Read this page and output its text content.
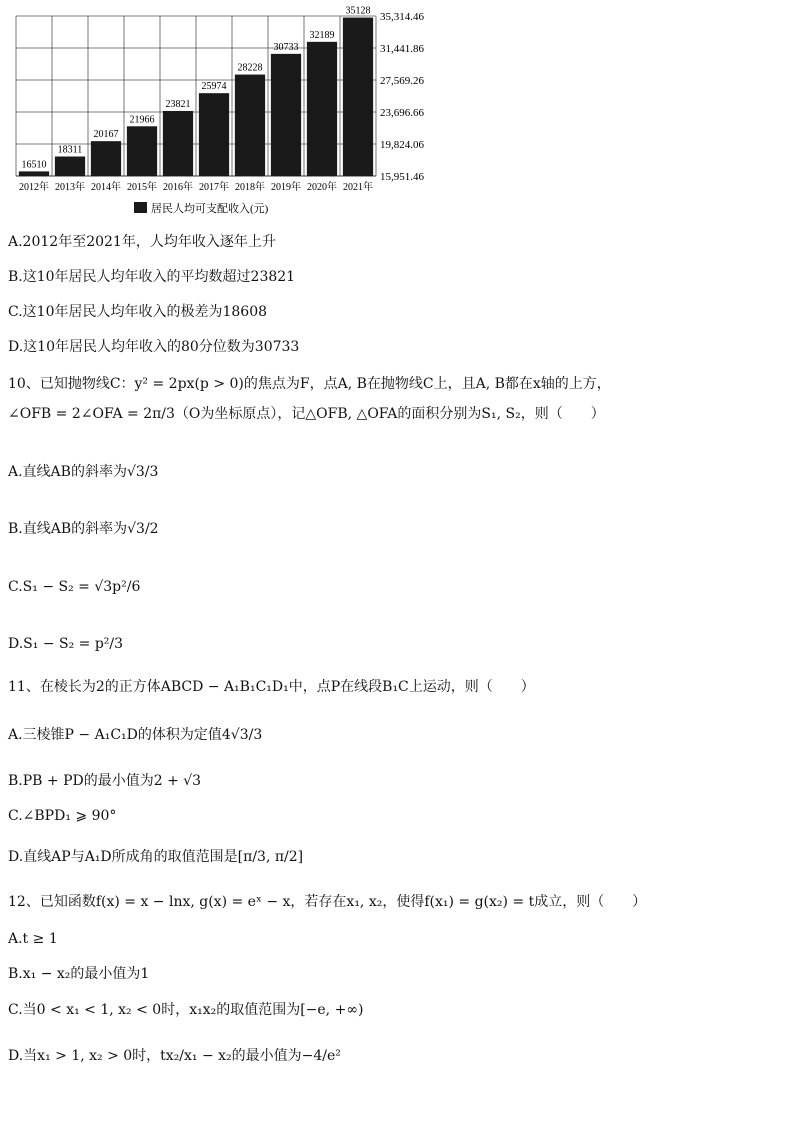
16510
18311
20167
21966
23821
25974
28228
30733
32189
35128
2012年 2013年 2014年 2015年 2016年 2017年 2018年 2019年 2020年 2021年
35,314.46
31,441.86
27,569.26
23,696.66
19,824.06
15,951.46
居民人均可支配收入(元)
A.2012年至2021年，人均年收入逐年上升
B.这10年居民人均年收入的平均数超过23821
C.这10年居民人均年收入的极差为18608
D.这10年居民人均年收入的80分位数为30733
10、已知抛物线C：y² = 2px(p > 0)的焦点为F，点A, B在抛物线C上，且A, B都在x轴的上方，
∠OFB = 2∠OFA = 2π/3（O为坐标原点），记△OFB, △OFA的面积分别为S₁, S₂，则（　　）
A.直线AB的斜率为√3/3
B.直线AB的斜率为√3/2
C.S₁ − S₂ = √3p²/6
D.S₁ − S₂ = p²/3
11、在棱长为2的正方体ABCD − A₁B₁C₁D₁中，点P在线段B₁C上运动，则（　　）
A.三棱锥P − A₁C₁D的体积为定值4√3/3
B.PB + PD的最小值为2 + √3
C.∠BPD₁ ⩾ 90°
D.直线AP与A₁D所成角的取值范围是[π/3, π/2]
12、已知函数f(x) = x − lnx, g(x) = eˣ − x，若存在x₁, x₂，使得f(x₁) = g(x₂) = t成立，则（　　）
A.t ≥ 1
B.x₁ − x₂的最小值为1
C.当0 < x₁ < 1, x₂ < 0时，x₁x₂的取值范围为[−e, +∞)
D.当x₁ > 1, x₂ > 0时，tx₂/x₁ − x₂的最小值为−4/e²
